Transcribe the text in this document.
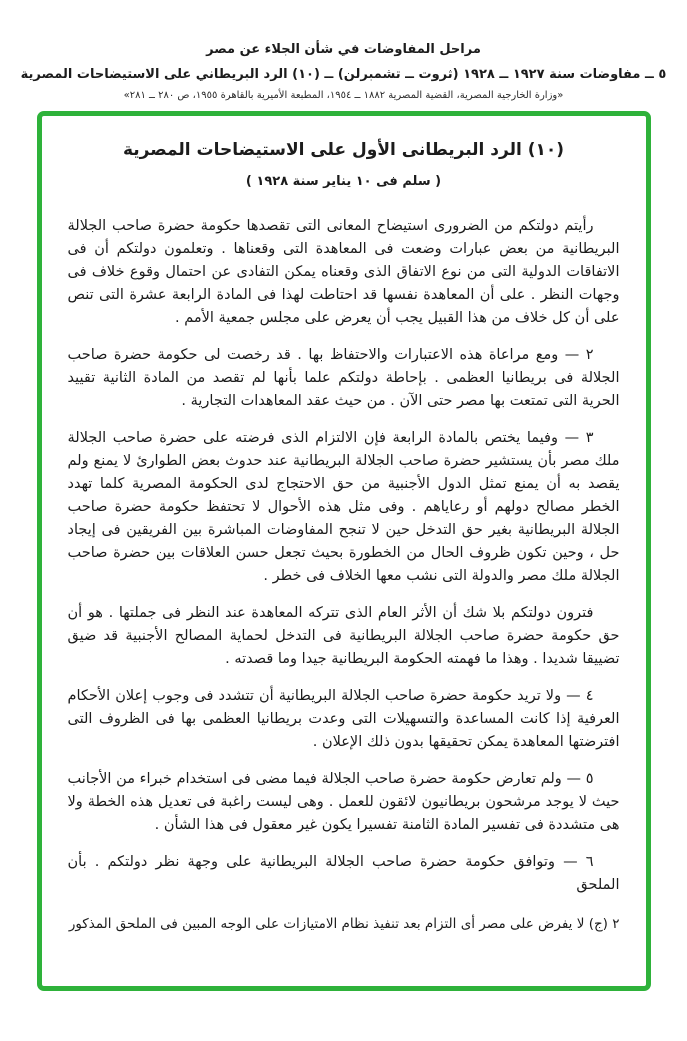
مراحل المفاوضات في شأن الجلاء عن مصر
٥ ــ مفاوضات سنة ١٩٢٧ ــ ١٩٢٨ (ثروت ــ تشمبرلن) ــ (١٠) الرد البريطاني على الاستيضاحات المصرية
«وزارة الخارجية المصرية، القضية المصرية ١٨٨٢ ــ ١٩٥٤، المطبعة الأميرية بالقاهرة ١٩٥٥، ص ٢٨٠ ــ ٢٨١»
(١٠) الرد البريطانى الأول على الاستيضاحات المصرية
( سلم فى ١٠ يناير سنة ١٩٢٨ )

رأيتم دولتكم من الضرورى استيضاح المعانى التى تقصدها حكومة حضرة صاحب الجلالة البريطانية من بعض عبارات وضعت فى المعاهدة التى وقعناها . وتعلمون دولتكم أن فى الاتفاقات الدولية التى من نوع الاتفاق الذى وقعناه يمكن التفادى عن احتمال وقوع خلاف فى وجهات النظر . على أن المعاهدة نفسها قد احتاطت لهذا فى المادة الرابعة عشرة التى تنص على أن كل خلاف من هذا القبيل يجب أن يعرض على مجلس جمعية الأمم .

٢ — ومع مراعاة هذه الاعتبارات والاحتفاظ بها . قد رخصت لى حكومة حضرة صاحب الجلالة فى بريطانيا العظمى . بإحاطة دولتكم علما بأنها لم تقصد من المادة الثانية تقييد الحرية التى تمتعت بها مصر حتى الآن . من حيث عقد المعاهدات التجارية .

٣ — وفيما يختص بالمادة الرابعة فإن الالتزام الذى فرضته على حضرة صاحب الجلالة ملك مصر بأن يستشير حضرة صاحب الجلالة البريطانية عند حدوث بعض الطوارئ لا يمنع ولم يقصد به أن يمنع تمثل الدول الأجنبية من حق الاحتجاج لدى الحكومة المصرية كلما تهدد الخطر مصالح دولهم أو رعاياهم . وفى مثل هذه الأحوال لا تحتفظ حكومة حضرة صاحب الجلالة البريطانية بغير حق التدخل حين لا تنجح المفاوضات المباشرة بين الفريقين فى إيجاد حل ، وحين تكون ظروف الحال من الخطورة بحيث تجعل حسن العلاقات بين حضرة صاحب الجلالة ملك مصر والدولة التى نشب معها الخلاف فى خطر .

فترون دولتكم بلا شك أن الأثر العام الذى تتركه المعاهدة عند النظر فى جملتها . هو أن حق حكومة حضرة صاحب الجلالة البريطانية فى التدخل لحماية المصالح الأجنبية قد ضيق تضييقا شديدا . وهذا ما فهمته الحكومة البريطانية جيدا وما قصدته .

٤ — ولا تريد حكومة حضرة صاحب الجلالة البريطانية أن تتشدد فى وجوب إعلان الأحكام العرفية إذا كانت المساعدة والتسهيلات التى وعدت بريطانيا العظمى بها فى الظروف التى افترضتها المعاهدة يمكن تحقيقها بدون ذلك الإعلان .

٥ — ولم تعارض حكومة حضرة صاحب الجلالة فيما مضى فى استخدام خبراء من الأجانب حيث لا يوجد مرشحون بريطانيون لائقون للعمل . وهى ليست راغبة فى تعديل هذه الخطة ولا هى متشددة فى تفسير المادة الثامنة تفسيرا يكون غير معقول فى هذا الشأن .

٦ — وتوافق حكومة حضرة صاحب الجلالة البريطانية على وجهة نظر دولتكم . بأن الملحق

٢ (ج) لا يفرض على مصر أى التزام بعد تنفيذ نظام الامتيازات على الوجه المبين فى الملحق المذكور
